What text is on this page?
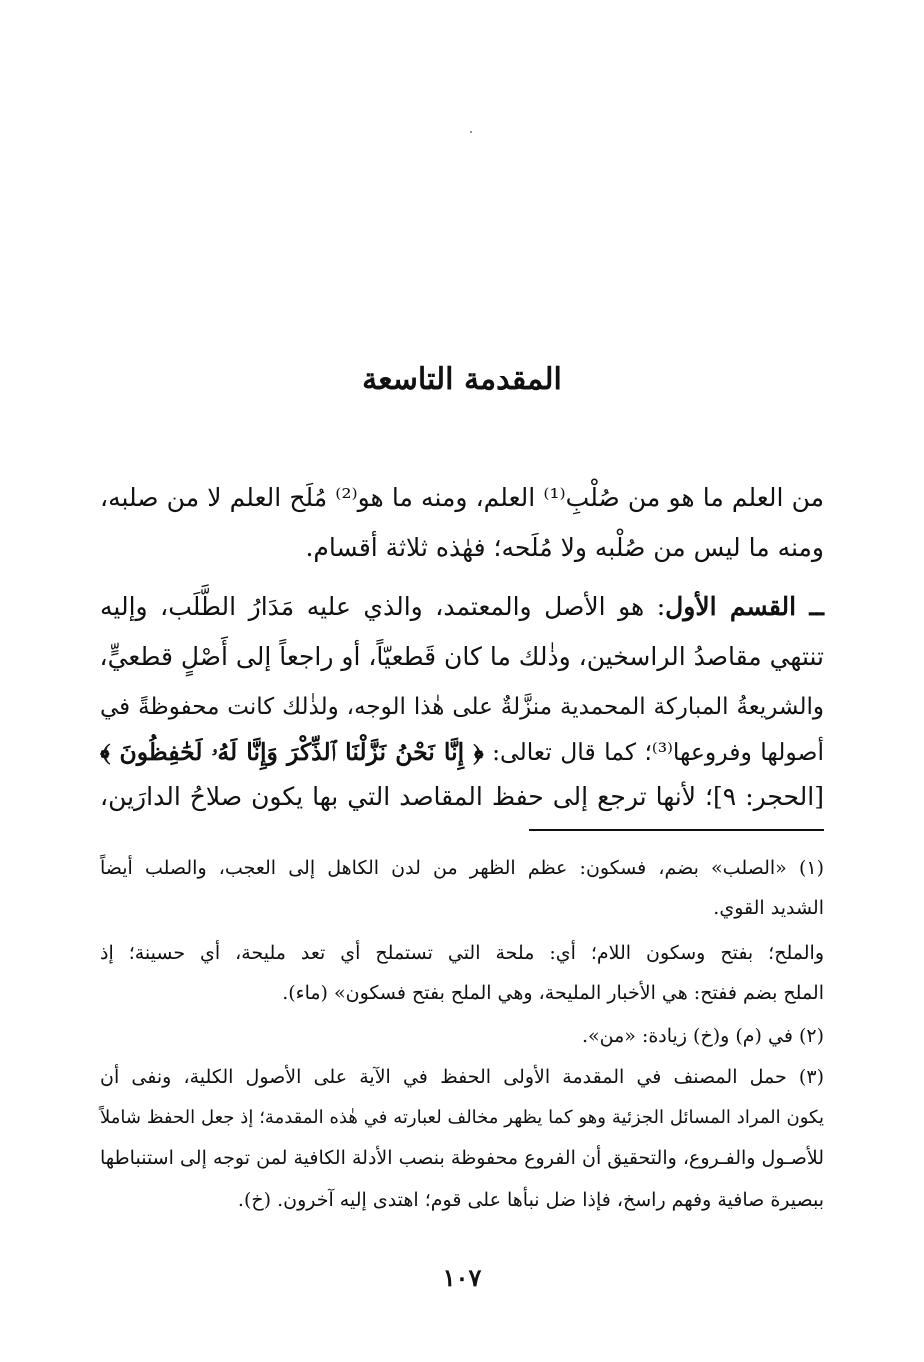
المقدمة التاسعة
من العلم ما هو من صُلْبِ⁽¹⁾ العلم، ومنه ما هو⁽²⁾ مُلَح العلم لا من صلبه،
ومنه ما ليس من صُلْبه ولا مُلَحه؛ فهٰذه ثلاثة أقسام.
ــ القسم الأول: هو الأصل والمعتمد، والذي عليه مَدَارُ الطَّلَب، وإليه
تنتهي مقاصدُ الراسخين، وذٰلك ما كان قَطعيّاً، أو راجعاً إلى أَصْلٍ قطعيٍّ،
والشريعةُ المباركة المحمدية منزَّلةٌ على هٰذا الوجه، ولذٰلك كانت محفوظةً في
أصولها وفروعها⁽³⁾؛ كما قال تعالى: ﴿ إِنَّا نَحْنُ نَزَّلْنَا ٱلذِّكْرَ وَإِنَّا لَهُۥ لَحَٰفِظُونَ ﴾
[الحجر: ٩]؛ لأنها ترجع إلى حفظ المقاصد التي بها يكون صلاحُ الدارَين،
(١) «الصلب» بضم، فسكون: عظم الظهر من لدن الكاهل إلى العجب، والصلب أيضاً
الشديد القوي.
والملح؛ بفتح وسكون اللام؛ أي: ملحة التي تستملح أي تعد مليحة، أي حسينة؛ إذ
الملح بضم ففتح: هي الأخبار المليحة، وهي الملح بفتح فسكون» (ماء).
(٢) في (م) و(خ) زيادة: «من».
(٣) حمل المصنف في المقدمة الأولى الحفظ في الآية على الأصول الكلية، ونفى أن
يكون المراد المسائل الجزئية وهو كما يظهر مخالف لعبارته في هٰذه المقدمة؛ إذ جعل الحفظ شاملاً
للأصـول والفـروع، والتحقيق أن الفروع محفوظة بنصب الأدلة الكافية لمن توجه إلى استنباطها
ببصيرة صافية وفهم راسخ، فإذا ضل نبأها على قوم؛ اهتدى إليه آخرون. (خ).
١٠٧
